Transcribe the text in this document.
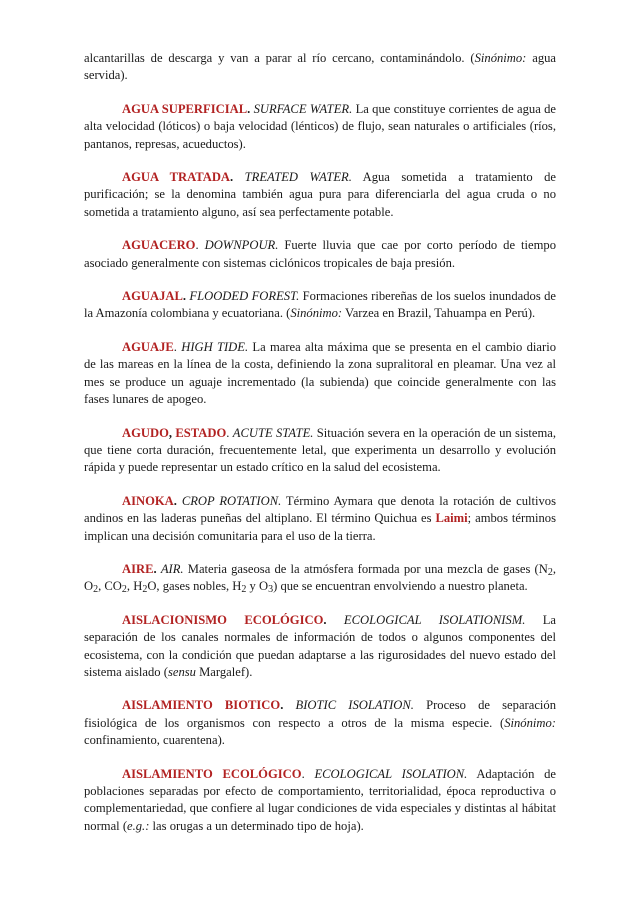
alcantarillas de descarga y van a parar al río cercano, contaminándolo. (Sinónimo: agua servida).

AGUA SUPERFICIAL. SURFACE WATER. La que constituye corrientes de agua de alta velocidad (lóticos) o baja velocidad (lénticos) de flujo, sean naturales o artificiales (ríos, pantanos, represas, acueductos).

AGUA TRATADA. TREATED WATER. Agua sometida a tratamiento de purificación; se la denomina también agua pura para diferenciarla del agua cruda o no sometida a tratamiento alguno, así sea perfectamente potable.

AGUACERO. DOWNPOUR. Fuerte lluvia que cae por corto período de tiempo asociado generalmente con sistemas ciclónicos tropicales de baja presión.

AGUAJAL. FLOODED FOREST. Formaciones ribereñas de los suelos inundados de la Amazonía colombiana y ecuatoriana. (Sinónimo: Varzea en Brazil, Tahuampa en Perú).

AGUAJE. HIGH TIDE. La marea alta máxima que se presenta en el cambio diario de las mareas en la línea de la costa, definiendo la zona supralitoral en pleamar. Una vez al mes se produce un aguaje incrementado (la subienda) que coincide generalmente con las fases lunares de apogeo.

AGUDO, ESTADO. ACUTE STATE. Situación severa en la operación de un sistema, que tiene corta duración, frecuentemente letal, que experimenta un desarrollo y evolución rápida y puede representar un estado crítico en la salud del ecosistema.

AINOKA. CROP ROTATION. Término Aymara que denota la rotación de cultivos andinos en las laderas puneñas del altiplano. El término Quichua es Laimi; ambos términos implican una decisión comunitaria para el uso de la tierra.

AIRE. AIR. Materia gaseosa de la atmósfera formada por una mezcla de gases ($N_2$, $O_2$, $CO_2$, $H_2O$, gases nobles, $H_2$ y $O_3$) que se encuentran envolviendo a nuestro planeta.

AISLACIONISMO ECOLÓGICO. ECOLOGICAL ISOLATIONISM. La separación de los canales normales de información de todos o algunos componentes del ecosistema, con la condición que puedan adaptarse a las rigurosidades del nuevo estado del sistema aislado (sensu Margalef).

AISLAMIENTO BIOTICO. BIOTIC ISOLATION. Proceso de separación fisiológica de los organismos con respecto a otros de la misma especie. (Sinónimo: confinamiento, cuarentena).

AISLAMIENTO ECOLÓGICO. ECOLOGICAL ISOLATION. Adaptación de poblaciones separadas por efecto de comportamiento, territorialidad, época reproductiva o complementariedad, que confiere al lugar condiciones de vida especiales y distintas al hábitat normal (e.g.: las orugas a un determinado tipo de hoja).
